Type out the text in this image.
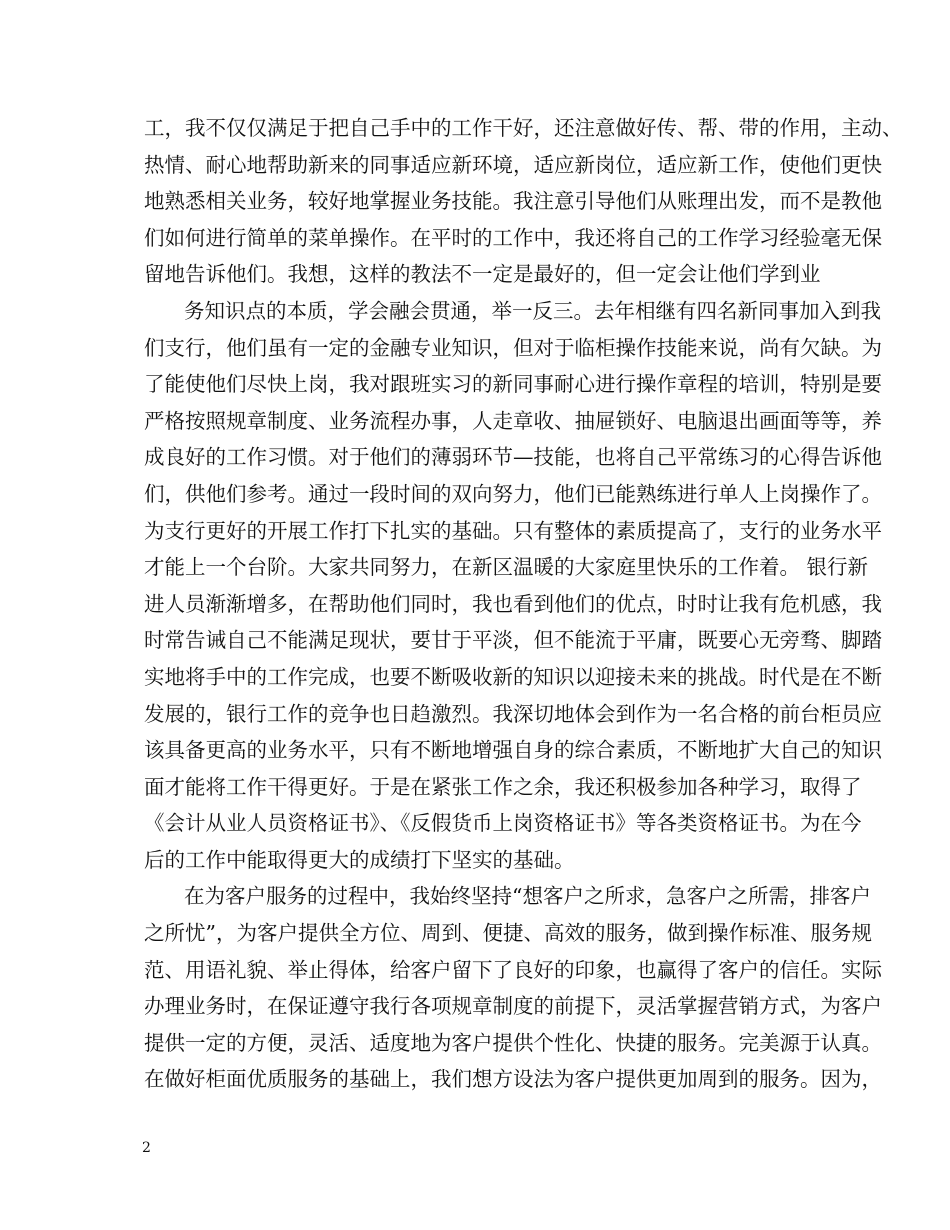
工，我不仅仅满足于把自己手中的工作干好，还注意做好传、帮、带的作用，主动、
热情、耐心地帮助新来的同事适应新环境，适应新岗位，适应新工作，使他们更快
地熟悉相关业务，较好地掌握业务技能。我注意引导他们从账理出发，而不是教他
们如何进行简单的菜单操作。在平时的工作中，我还将自己的工作学习经验毫无保
留地告诉他们。我想，这样的教法不一定是最好的，但一定会让他们学到业
务知识点的本质，学会融会贯通，举一反三。去年相继有四名新同事加入到我
们支行，他们虽有一定的金融专业知识，但对于临柜操作技能来说，尚有欠缺。为
了能使他们尽快上岗，我对跟班实习的新同事耐心进行操作章程的培训，特别是要
严格按照规章制度、业务流程办事，人走章收、抽屉锁好、电脑退出画面等等，养
成良好的工作习惯。对于他们的薄弱环节—技能，也将自己平常练习的心得告诉他
们，供他们参考。通过一段时间的双向努力，他们已能熟练进行单人上岗操作了。
为支行更好的开展工作打下扎实的基础。只有整体的素质提高了，支行的业务水平
才能上一个台阶。大家共同努力，在新区温暖的大家庭里快乐的工作着。 银行新
进人员渐渐增多，在帮助他们同时，我也看到他们的优点，时时让我有危机感，我
时常告诫自己不能满足现状，要甘于平淡，但不能流于平庸，既要心无旁骛、脚踏
实地将手中的工作完成，也要不断吸收新的知识以迎接未来的挑战。时代是在不断
发展的，银行工作的竞争也日趋激烈。我深切地体会到作为一名合格的前台柜员应
该具备更高的业务水平，只有不断地增强自身的综合素质，不断地扩大自己的知识
面才能将工作干得更好。于是在紧张工作之余，我还积极参加各种学习，取得了
《会计从业人员资格证书》、《反假货币上岗资格证书》等各类资格证书。为在今
后的工作中能取得更大的成绩打下坚实的基础。
在为客户服务的过程中，我始终坚持“想客户之所求，急客户之所需，排客户
之所忧”，为客户提供全方位、周到、便捷、高效的服务，做到操作标准、服务规
范、用语礼貌、举止得体，给客户留下了良好的印象，也赢得了客户的信任。实际
办理业务时，在保证遵守我行各项规章制度的前提下，灵活掌握营销方式，为客户
提供一定的方便，灵活、适度地为客户提供个性化、快捷的服务。完美源于认真。
在做好柜面优质服务的基础上，我们想方设法为客户提供更加周到的服务。因为，
2
